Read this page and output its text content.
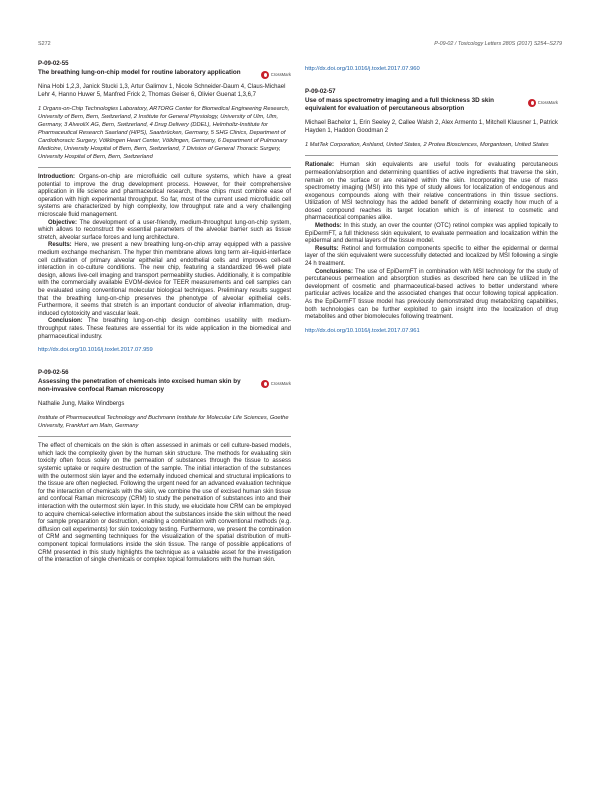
S272	P-09-02 / Toxicology Letters 280S (2017) S254–S279

P-09-02-55

The breathing lung-on-chip model for routine laboratory application	CrossMark

Nina Hobi 1,2,3, Janick Stucki 1,3, Artur Galimov 1, Nicole Schneider-Daum 4, Claus-Michael Lehr 4, Hanno Huwer 5, Manfred Frick 2, Thomas Geiser 6, Olivier Guenat 1,3,6,7

1 Organs-on-Chip Technologies Laboratory, ARTORG Center for Biomedical Engineering Research, University of Bern, Bern, Switzerland, 2 Institute for General Physiology, University of Ulm, Ulm, Germany, 3 AlveoliX AG, Bern, Switzerland, 4 Drug Delivery (DDEL), Helmholtz-Institute for Pharmaceutical Research Saarland (HIPS), Saarbrücken, Germany, 5 SHG Clinics, Department of Cardiothoracic Surgery, Völklingen Heart Center, Völklingen, Germany, 6 Department of Pulmonary Medicine, University Hospital of Bern, Bern, Switzerland, 7 Division of General Thoracic Surgery, University Hospital of Bern, Bern, Switzerland

Introduction: Organs-on-chip are microfluidic cell culture systems, which have a great potential to improve the drug development process. However, for their comprehensive application in life science and pharmaceutical research, these chips must combine ease of operation with high experimental throughput. So far, most of the current used microfluidic cell systems are characterized by high complexity, low throughput rate and a very challenging microscale fluid management.

Objective: The development of a user-friendly, medium-throughput lung-on-chip system, which allows to reconstruct the essential parameters of the alveolar barrier such as tissue stretch, alveolar surface forces and lung architecture.

Results: Here, we present a new breathing lung-on-chip array equipped with a passive medium exchange mechanism. The hyper thin membrane allows long term air–liquid-interface cell cultivation of primary alveolar epithelial and endothelial cells and improves cell-cell interaction in co-culture conditions. The new chip, featuring a standardized 96-well plate design, allows live-cell imaging and transport permeability studies. Additionally, it is compatible with the commercially available EVOM-device for TEER measurements and cell samples can be evaluated using conventional molecular biological techniques. Preliminary results suggest that the breathing lung-on-chip preserves the phenotype of alveolar epithelial cells. Furthermore, it seems that stretch is an important conductor of alveolar inflammation, drug-induced cytotoxicity and vascular leak.

Conclusion: The breathing lung-on-chip design combines usability with medium-throughput rates. These features are essential for its wide application in the biomedical and pharmaceutical industry.

http://dx.doi.org/10.1016/j.toxlet.2017.07.959

P-09-02-56

Assessing the penetration of chemicals into excised human skin by non-invasive confocal Raman microscopy

CrossMark

Nathalie Jung, Maike Windbergs

Institute of Pharmaceutical Technology and Buchmann Institute for Molecular Life Sciences, Goethe University, Frankfurt am Main, Germany

The effect of chemicals on the skin is often assessed in animals or cell culture-based models, which lack the complexity given by the human skin structure. The methods for evaluating skin toxicity often focus solely on the permeation of substances through the tissue to assess systemic uptake or require destruction of the sample. The initial interaction of the substances with the outermost skin layer and the externally induced chemical and structural implications to the tissue are often neglected. Following the urgent need for an advanced evaluation technique for the interaction of chemicals with the skin, we combine the use of excised human skin tissue and confocal Raman microscopy (CRM) to study the penetration of substances into and their interaction with the outermost skin layer. In this study, we elucidate how CRM can be employed to acquire chemical-selective information about the substances inside the skin without the need for sample preparation or destruction, enabling a combination with conventional methods (e.g. diffusion cell experiments) for skin toxicology testing. Furthermore, we present the combination of CRM and segmenting techniques for the visualization of the spatial distribution of multi-component topical formulations inside the skin tissue. The range of possible applications of CRM presented in this study highlights the technique as a valuable asset for the investigation of the interaction of single chemicals or complex topical formulations with the human skin.

http://dx.doi.org/10.1016/j.toxlet.2017.07.960

P-09-02-57

Use of mass spectrometry imaging and a full thickness 3D skin equivalent for evaluation of percutaneous absorption

CrossMark

Michael Bachelor 1, Erin Seeley 2, Callee Walsh 2, Alex Armento 1, Mitchell Klausner 1, Patrick Hayden 1, Haddon Goodman 2

1 MatTek Corporation, Ashland, United States, 2 Protea Biosciences, Morgantown, United States

Rationale: Human skin equivalents are useful tools for evaluating percutaneous permeation/absorption and determining quantities of active ingredients that traverse the skin, remain on the surface or are retained within the skin. Incorporating the use of mass spectrometry imaging (MSI) into this type of study allows for localization of endogenous and exogenous compounds along with their relative concentrations in thin tissue sections. Utilization of MSI technology has the added benefit of determining exactly how much of a dosed compound reaches its target location which is of interest to cosmetic and pharmaceutical companies alike.

Methods: In this study, an over the counter (OTC) retinol complex was applied topically to EpiDermFT, a full thickness skin equivalent, to evaluate permeation and localization within the epidermal and dermal layers of the tissue model.

Results: Retinol and formulation components specific to either the epidermal or dermal layer of the skin equivalent were successfully detected and localized by MSI following a single 24 h treatment.

Conclusions: The use of EpiDermFT in combination with MSI technology for the study of percutaneous permeation and absorption studies as described here can be utilized in the development of cosmetic and pharmaceutical-based actives to better understand where particular actives localize and the associated changes that occur following topical application. As the EpiDermFT tissue model has previously demonstrated drug metabolizing capabilities, both technologies can be further exploited to gain insight into the localization of drug metabolites and other biomolecules following treatment.

http://dx.doi.org/10.1016/j.toxlet.2017.07.961
